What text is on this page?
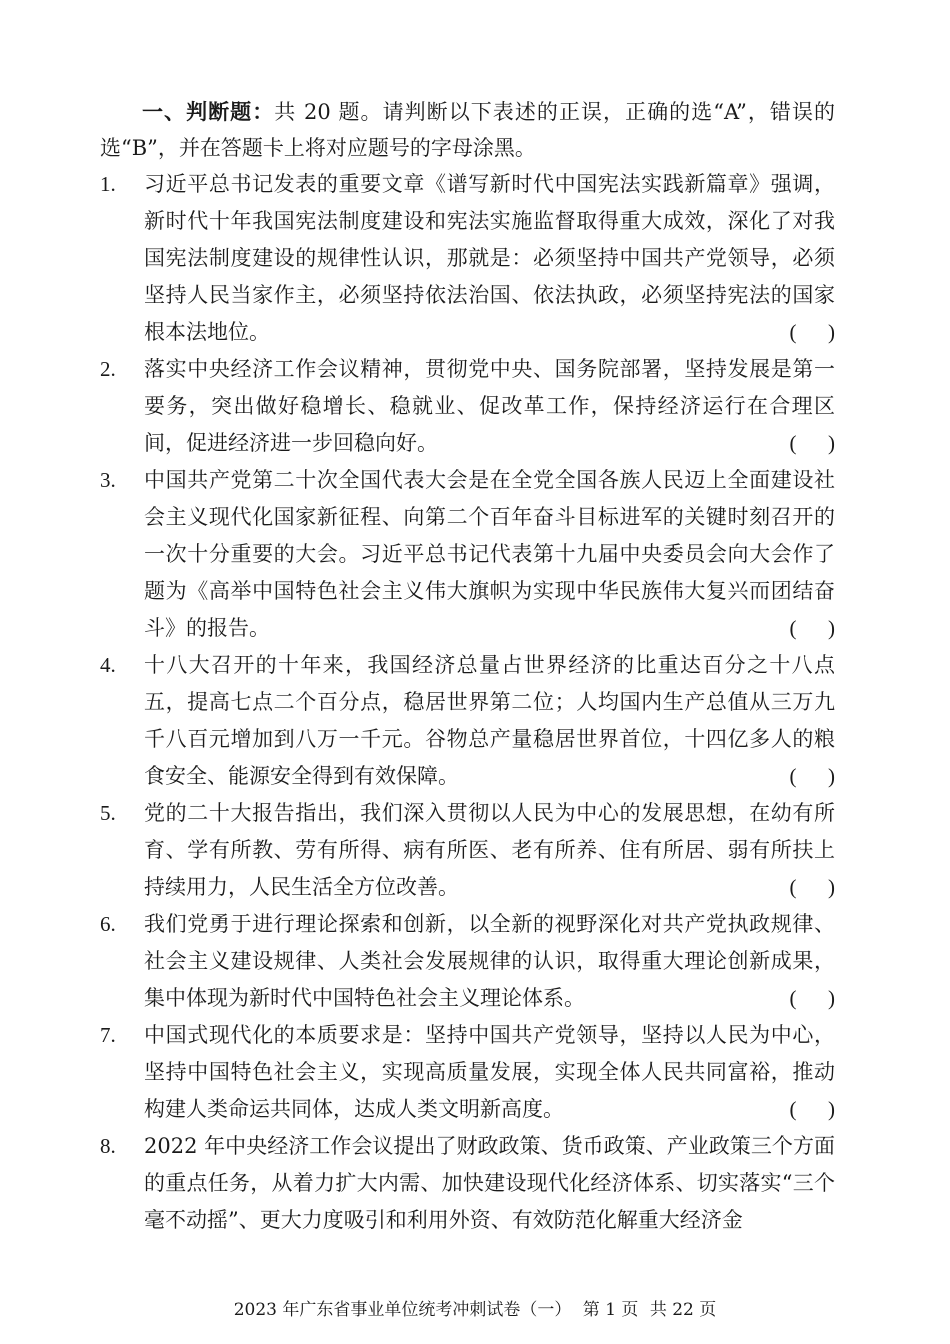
一、判断题：共 20 题。请判断以下表述的正误，正确的选“A”，错误的选“B”，并在答题卡上将对应题号的字母涂黑。
1.	习近平总书记发表的重要文章《谱写新时代中国宪法实践新篇章》强调，新时代十年我国宪法制度建设和宪法实施监督取得重大成效，深化了对我国宪法制度建设的规律性认识，那就是：必须坚持中国共产党领导，必须坚持人民当家作主，必须坚持依法治国、依法执政，必须坚持宪法的国家根本法地位。	(      )
2.	落实中央经济工作会议精神，贯彻党中央、国务院部署，坚持发展是第一要务，突出做好稳增长、稳就业、促改革工作，保持经济运行在合理区间，促进经济进一步回稳向好。	(      )
3.	中国共产党第二十次全国代表大会是在全党全国各族人民迈上全面建设社会主义现代化国家新征程、向第二个百年奋斗目标进军的关键时刻召开的一次十分重要的大会。习近平总书记代表第十九届中央委员会向大会作了题为《高举中国特色社会主义伟大旗帜为实现中华民族伟大复兴而团结奋斗》的报告。	(      )
4.	十八大召开的十年来，我国经济总量占世界经济的比重达百分之十八点五，提高七点二个百分点，稳居世界第二位；人均国内生产总值从三万九千八百元增加到八万一千元。谷物总产量稳居世界首位，十四亿多人的粮食安全、能源安全得到有效保障。	(      )
5.	党的二十大报告指出，我们深入贯彻以人民为中心的发展思想，在幼有所育、学有所教、劳有所得、病有所医、老有所养、住有所居、弱有所扶上持续用力，人民生活全方位改善。	(      )
6.	我们党勇于进行理论探索和创新，以全新的视野深化对共产党执政规律、社会主义建设规律、人类社会发展规律的认识，取得重大理论创新成果，集中体现为新时代中国特色社会主义理论体系。	(      )
7.	中国式现代化的本质要求是：坚持中国共产党领导，坚持以人民为中心，坚持中国特色社会主义，实现高质量发展，实现全体人民共同富裕，推动构建人类命运共同体，达成人类文明新高度。	(      )
8.	2022 年中央经济工作会议提出了财政政策、货币政策、产业政策三个方面的重点任务，从着力扩大内需、加快建设现代化经济体系、切实落实“三个毫不动摇”、更大力度吸引和利用外资、有效防范化解重大经济金
2023 年广东省事业单位统考冲刺试卷（一） 第 1 页 共 22 页
